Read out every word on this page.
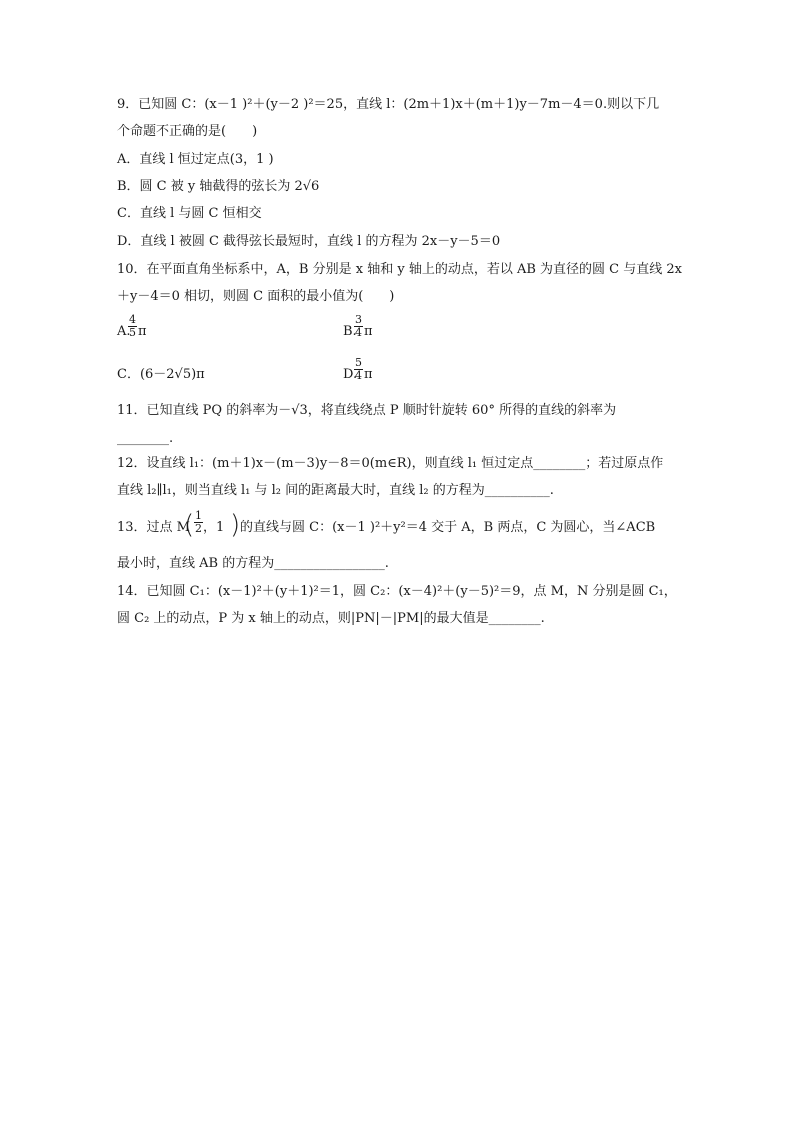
9．已知圆 C：(x－1 )²＋(y－2 )²＝25，直线 l：(2m＋1)x＋(m＋1)y－7m－4＝0.则以下几
个命题不正确的是(　　)
A．直线 l 恒过定点(3，1 )
B．圆 C 被 y 轴截得的弦长为 2√6
C．直线 l 与圆 C 恒相交
D．直线 l 被圆 C 截得弦长最短时，直线 l 的方程为 2x－y－5＝0
10．在平面直角坐标系中，A，B 分别是 x 轴和 y 轴上的动点，若以 AB 为直径的圆 C 与直线 2x
＋y－4＝0 相切，则圆 C 面积的最小值为(　　)
A.
$\frac{4}{5}$ π	B.
$\frac{3}{4}$ π
C．(6－2√5)π	D.
$\frac{5}{4}$ π
11．已知直线 PQ 的斜率为－√3，将直线绕点 P 顺时针旋转 60° 所得的直线的斜率为
________.
12．设直线 l₁：(m＋1)x－(m－3)y－8＝0(m∈R)，则直线 l₁ 恒过定点________；若过原点作
直线 l₂∥l₁，则当直线 l₁ 与 l₂ 间的距离最大时，直线 l₂ 的方程为__________.
13．过点 M
( $\frac{1}{2}$ ，1 ) 的直线与圆 C：(x－1 )²＋y²＝4 交于 A，B 两点，C 为圆心，当∠ACB
最小时，直线 AB 的方程为_________________.
14．已知圆 C₁：(x－1)²＋(y＋1)²＝1，圆 C₂：(x－4)²＋(y－5)²＝9，点 M，N 分别是圆 C₁，
圆 C₂ 上的动点，P 为 x 轴上的动点，则|PN|－|PM|的最大值是________.
